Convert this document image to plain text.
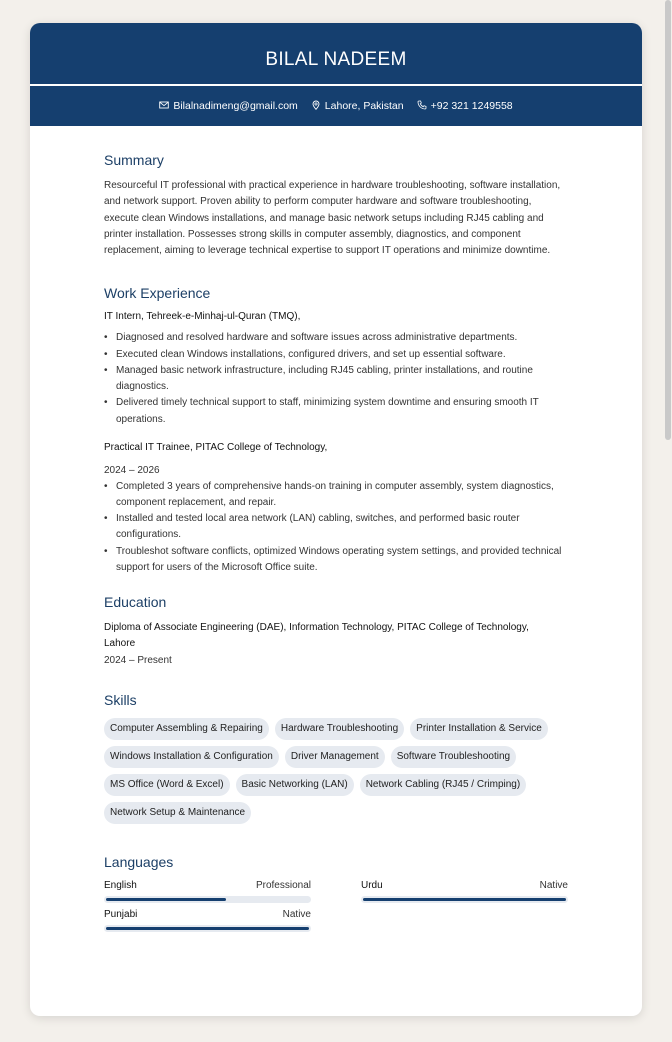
BILAL NADEEM
Bilalnadimeng@gmail.com	Lahore, Pakistan	+92 321 1249558
Summary

Resourceful IT professional with practical experience in hardware troubleshooting, software installation, and network support. Proven ability to perform computer hardware and software troubleshooting, execute clean Windows installations, and manage basic network setups including RJ45 cabling and printer installation. Possesses strong skills in computer assembly, diagnostics, and component replacement, aiming to leverage technical expertise to support IT operations and minimize downtime.

Work Experience
IT Intern, Tehreek-e-Minhaj-ul-Quran (TMQ),
• Diagnosed and resolved hardware and software issues across administrative departments.
• Executed clean Windows installations, configured drivers, and set up essential software.
• Managed basic network infrastructure, including RJ45 cabling, printer installations, and routine diagnostics.
• Delivered timely technical support to staff, minimizing system downtime and ensuring smooth IT operations.
Practical IT Trainee, PITAC College of Technology,
2024 – 2026
• Completed 3 years of comprehensive hands-on training in computer assembly, system diagnostics, component replacement, and repair.
• Installed and tested local area network (LAN) cabling, switches, and performed basic router configurations.
• Troubleshot software conflicts, optimized Windows operating system settings, and provided technical support for users of the Microsoft Office suite.
Education
Diploma of Associate Engineering (DAE), Information Technology, PITAC College of Technology, Lahore
2024 – Present
Skills
Computer Assembling & Repairing	Hardware Troubleshooting	Printer Installation & Service
Windows Installation & Configuration	Driver Management	Software Troubleshooting
MS Office (Word & Excel)	Basic Networking (LAN)	Network Cabling (RJ45 / Crimping)
Network Setup & Maintenance
Languages
English	Professional	Urdu	Native
Punjabi	Native
